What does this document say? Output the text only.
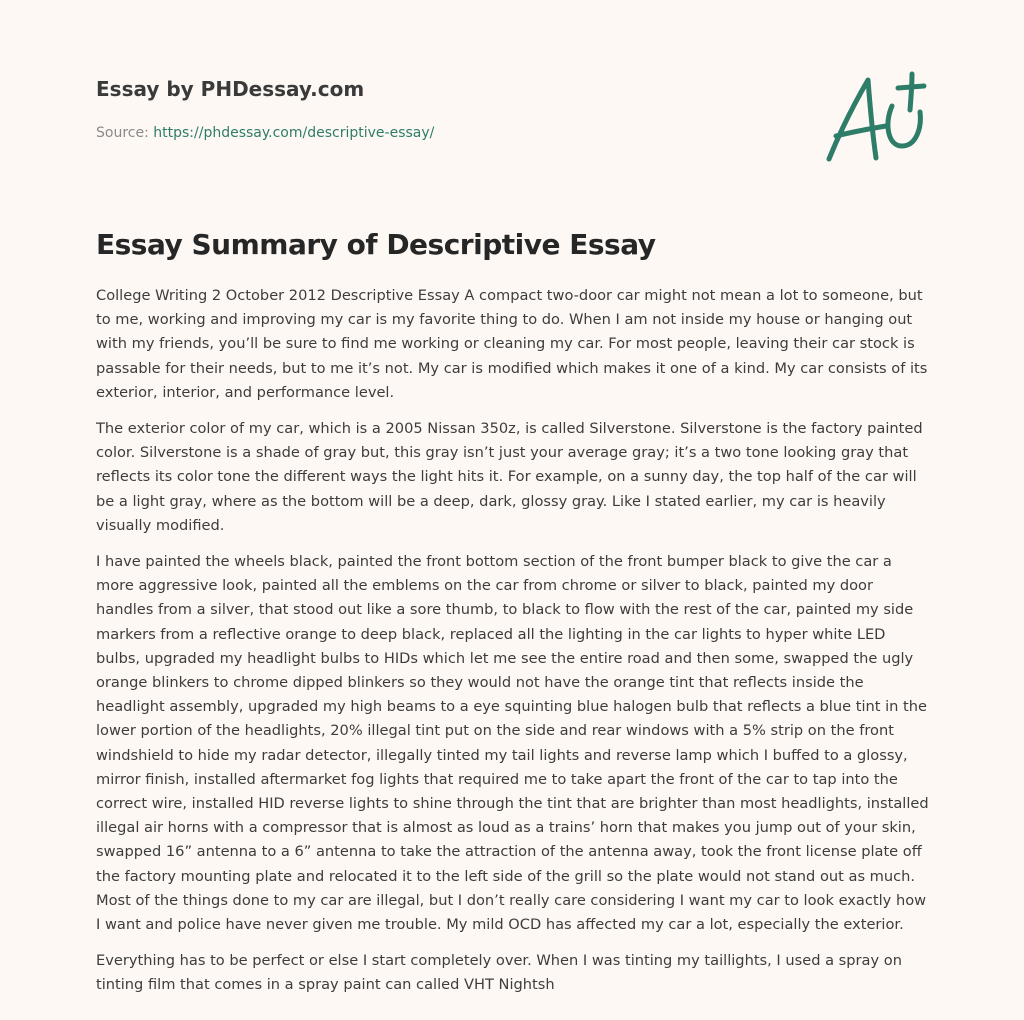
Essay by PHDessay.com
Source: https://phdessay.com/descriptive-essay/
Essay Summary of Descriptive Essay

College Writing 2 October 2012 Descriptive Essay A compact two-door car might not mean a lot to someone, but to me, working and improving my car is my favorite thing to do. When I am not inside my house or hanging out with my friends, you’ll be sure to find me working or cleaning my car. For most people, leaving their car stock is passable for their needs, but to me it’s not. My car is modified which makes it one of a kind. My car consists of its exterior, interior, and performance level.

The exterior color of my car, which is a 2005 Nissan 350z, is called Silverstone. Silverstone is the factory painted color. Silverstone is a shade of gray but, this gray isn’t just your average gray; it’s a two tone looking gray that reflects its color tone the different ways the light hits it. For example, on a sunny day, the top half of the car will be a light gray, where as the bottom will be a deep, dark, glossy gray. Like I stated earlier, my car is heavily visually modified.

I have painted the wheels black, painted the front bottom section of the front bumper black to give the car a more aggressive look, painted all the emblems on the car from chrome or silver to black, painted my door handles from a silver, that stood out like a sore thumb, to black to flow with the rest of the car, painted my side markers from a reflective orange to deep black, replaced all the lighting in the car lights to hyper white LED bulbs, upgraded my headlight bulbs to HIDs which let me see the entire road and then some, swapped the ugly orange blinkers to chrome dipped blinkers so they would not have the orange tint that reflects inside the headlight assembly, upgraded my high beams to a eye squinting blue halogen bulb that reflects a blue tint in the lower portion of the headlights, 20% illegal tint put on the side and rear windows with a 5% strip on the front windshield to hide my radar detector, illegally tinted my tail lights and reverse lamp which I buffed to a glossy, mirror finish, installed aftermarket fog lights that required me to take apart the front of the car to tap into the correct wire, installed HID reverse lights to shine through the tint that are brighter than most headlights, installed illegal air horns with a compressor that is almost as loud as a trains’ horn that makes you jump out of your skin, swapped 16” antenna to a 6” antenna to take the attraction of the antenna away, took the front license plate off the factory mounting plate and relocated it to the left side of the grill so the plate would not stand out as much. Most of the things done to my car are illegal, but I don’t really care considering I want my car to look exactly how I want and police have never given me trouble. My mild OCD has affected my car a lot, especially the exterior.

Everything has to be perfect or else I start completely over. When I was tinting my taillights, I used a spray on tinting film that comes in a spray paint can called VHT Nightsh
